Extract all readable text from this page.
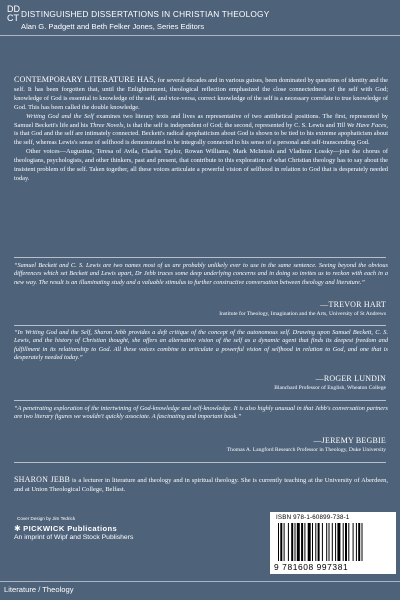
DD
CT DISTINGUISHED DISSERTATIONS IN CHRISTIAN THEOLOGY
Alan G. Padgett and Beth Felker Jones, Series Editors

CONTEMPORARY LITERATURE HAS, for several decades and in various guises, been dominated by questions of identity and the self. It has been forgotten that, until the Enlightenment, theological reflection emphasized the close connectedness of the self with God; knowledge of God is essential to knowledge of the self, and vice-versa, correct knowledge of the self is a necessary correlate to true knowledge of God. This has been called the double knowledge.

Writing God and the Self examines two literary texts and lives as representative of two antithetical positions. The first, represented by Samuel Beckett's life and his Three Novels, is that the self is independent of God; the second, represented by C. S. Lewis and Till We Have Faces, is that God and the self are intimately connected. Beckett's radical apophaticism about God is shown to be tied to his extreme apophaticism about the self, whereas Lewis's sense of selfhood is demonstrated to be integrally connected to his sense of a personal and self-transcending God.

Other voices—Augustine, Teresa of Avila, Charles Taylor, Rowan Williams, Mark McIntosh and Vladimir Lossky—join the chorus of theologians, psychologists, and other thinkers, past and present, that contribute to this exploration of what Christian theology has to say about the insistent problem of the self. Taken together, all these voices articulate a powerful vision of selfhood in relation to God that is desperately needed today.

“Samuel Beckett and C. S. Lewis are two names most of us are probably unlikely ever to use in the same sentence. Seeing beyond the obvious differences which set Beckett and Lewis apart, Dr Jebb traces some deep underlying concerns and in doing so invites us to reckon with each in a new way. The result is an illuminating study and a valuable stimulus to further constructive conversation between theology and literature.”
—TREVOR HART
Institute for Theology, Imagination and the Arts, University of St Andrews
“In Writing God and the Self, Sharon Jebb provides a deft critique of the concept of the autonomous self. Drawing upon Samuel Beckett, C. S. Lewis, and the history of Christian thought, she offers an alternative vision of the self as a dynamic agent that finds its deepest freedom and fulfillment in its relationship to God. All these voices combine to articulate a powerful vision of selfhood in relation to God, and one that is desperately needed today.”
—ROGER LUNDIN
Blanchard Professor of English, Wheaton College
“A penetrating exploration of the intertwining of God-knowledge and self-knowledge. It is also highly unusual in that Jebb's conversation partners are two literary figures we wouldn't quickly associate. A fascinating and important book.”
—JEREMY BEGBIE
Thomas A. Langford Research Professor in Theology, Duke University
SHARON JEBB is a lecturer in literature and theology and in spiritual theology. She is currently teaching at the University of Aberdeen, and at Union Theological College, Belfast.
Cover Design by Jim Tedrick
✱ PICKWICK Publications
An imprint of Wipf and Stock Publishers
ISBN 978-1-60899-738-1
9 781608 997381
Literature / Theology
